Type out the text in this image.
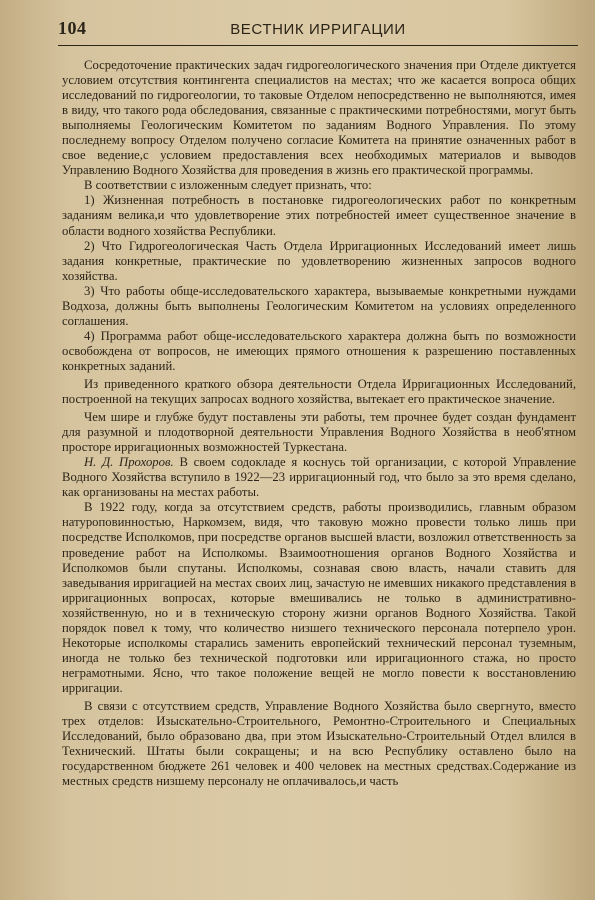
104	ВЕСТНИК ИРРИГАЦИИ

Сосредоточение практических задач гидрогеологического значения при Отделе диктуется условием отсутствия контингента специалистов на местах; что же касается вопроса общих исследований по гидрогеологии, то таковые Отделом непосредственно не выполняются, имея в виду, что такого рода обследования, связанные с практическими потребностями, могут быть выполняемы Геологическим Комитетом по заданиям Водного Управления. По этому последнему вопросу Отделом получено согласие Комитета на принятие означенных работ в свое ведение,с условием предоставления всех необходимых материалов и выводов Управлению Водного Хозяйства для проведения в жизнь его практической программы.

В соответствии с изложенным следует признать, что:

1) Жизненная потребность в постановке гидрогеологических работ по конкретным заданиям велика,и что удовлетворение этих потребностей имеет существенное значение в области водного хозяйства Республики.

2) Что Гидрогеологическая Часть Отдела Ирригационных Исследований имеет лишь задания конкретные, практические по удовлетворению жизненных запросов водного хозяйства.

3) Что работы обще-исследовательского характера, вызываемые конкретными нуждами Водхоза, должны быть выполнены Геологическим Комитетом на условиях определенного соглашения.

4) Программа работ обще-исследовательского характера должна быть по возможности освобождена от вопросов, не имеющих прямого отношения к разрешению поставленных конкретных заданий.

Из приведенного краткого обзора деятельности Отдела Ирригационных Исследований, построенной на текущих запросах водного хозяйства, вытекает его практическое значение.

Чем шире и глубже будут поставлены эти работы, тем прочнее будет создан фундамент для разумной и плодотворной деятельности Управления Водного Хозяйства в необ'ятном просторе ирригационных возможностей Туркестана.

Н. Д. Прохоров. В своем содокладе я коснусь той организации, с которой Управление Водного Хозяйства вступило в 1922—23 ирригационный год, что было за это время сделано, как организованы на местах работы.

В 1922 году, когда за отсутствием средств, работы производились, главным образом натуроповинностью, Наркомзем, видя, что таковую можно провести только лишь при посредстве Исполкомов, при посредстве органов высшей власти, возложил ответственность за проведение работ на Исполкомы. Взаимоотношения органов Водного Хозяйства и Исполкомов были спутаны. Исполкомы, сознавая свою власть, начали ставить для заведывания ирригацией на местах своих лиц, зачастую не имевших никакого представления в ирригационных вопросах, которые вмешивались не только в административно-хозяйственную, но и в техническую сторону жизни органов Водного Хозяйства. Такой порядок повел к тому, что количество низшего технического персонала потерпело урон. Некоторые исполкомы старались заменить европейский технический персонал туземным, иногда не только без технической подготовки или ирригационного стажа, но просто неграмотными. Ясно, что такое положение вещей не могло повести к восстановлению ирригации.

В связи с отсутствием средств, Управление Водного Хозяйства было свергнуто, вместо трех отделов: Изыскательно-Строительного, Ремонтно-Строительного и Специальных Исследований, было образовано два, при этом Изыскательно-Строительный Отдел влился в Технический. Штаты были сокращены; и на всю Республику оставлено было на государственном бюджете 261 человек и 400 человек на местных средствах.Содержание из местных средств низшему персоналу не оплачивалось,и часть
